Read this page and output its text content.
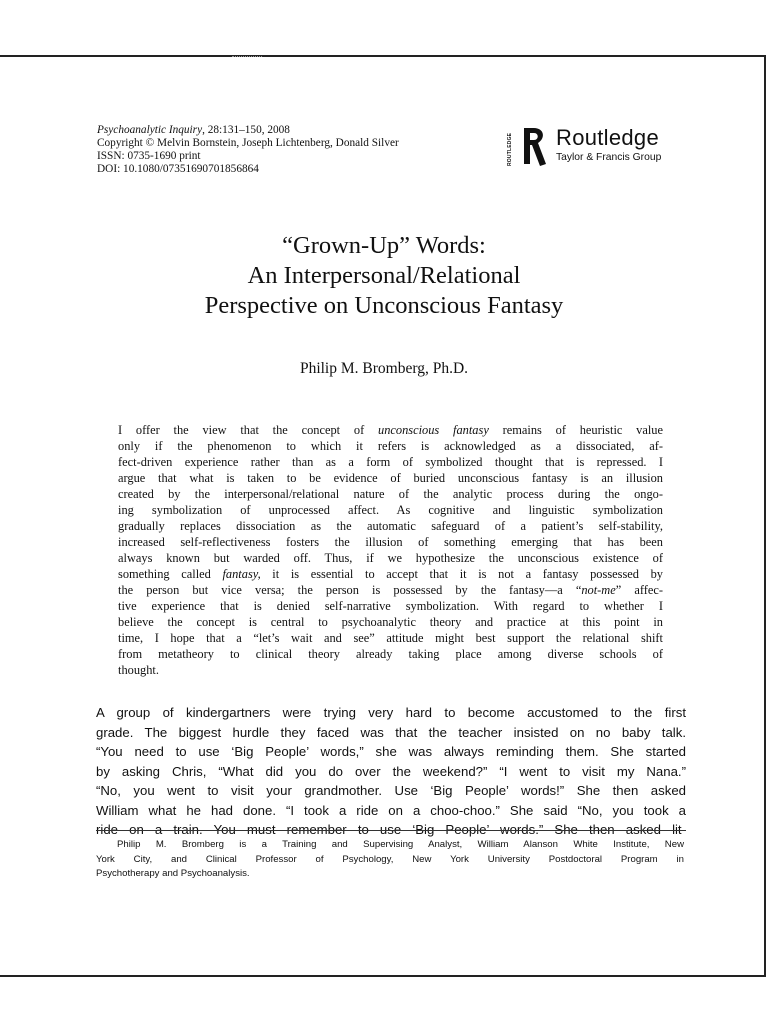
Psychoanalytic Inquiry, 28:131–150, 2008
Copyright © Melvin Bornstein, Joseph Lichtenberg, Donald Silver
ISSN: 0735-1690 print
DOI: 10.1080/07351690701856864
ROUTLEDGE Routledge
Taylor & Francis Group
“Grown-Up” Words:
An Interpersonal/Relational
Perspective on Unconscious Fantasy
Philip M. Bromberg, Ph.D.
I offer the view that the concept of unconscious fantasy remains of heuristic value
only if the phenomenon to which it refers is acknowledged as a dissociated, af-
fect-driven experience rather than as a form of symbolized thought that is repressed. I
argue that what is taken to be evidence of buried unconscious fantasy is an illusion
created by the interpersonal/relational nature of the analytic process during the ongo-
ing symbolization of unprocessed affect. As cognitive and linguistic symbolization
gradually replaces dissociation as the automatic safeguard of a patient’s self-stability,
increased self-reflectiveness fosters the illusion of something emerging that has been
always known but warded off. Thus, if we hypothesize the unconscious existence of
something called fantasy, it is essential to accept that it is not a fantasy possessed by
the person but vice versa; the person is possessed by the fantasy—a “not-me” affec-
tive experience that is denied self-narrative symbolization. With regard to whether I
believe the concept is central to psychoanalytic theory and practice at this point in
time, I hope that a “let’s wait and see” attitude might best support the relational shift
from metatheory to clinical theory already taking place among diverse schools of
thought.
A group of kindergartners were trying very hard to become accustomed to the first
grade. The biggest hurdle they faced was that the teacher insisted on no baby talk.
“You need to use ‘Big People’ words,” she was always reminding them. She started
by asking Chris, “What did you do over the weekend?” “I went to visit my Nana.”
“No, you went to visit your grandmother. Use ‘Big People’ words!” She then asked
William what he had done. “I took a ride on a choo-choo.” She said “No, you took a
ride on a train. You must remember to use ‘Big People’ words.” She then asked lit-
Philip M. Bromberg is a Training and Supervising Analyst, William Alanson White Institute, New
York City, and Clinical Professor of Psychology, New York University Postdoctoral Program in
Psychotherapy and Psychoanalysis.
